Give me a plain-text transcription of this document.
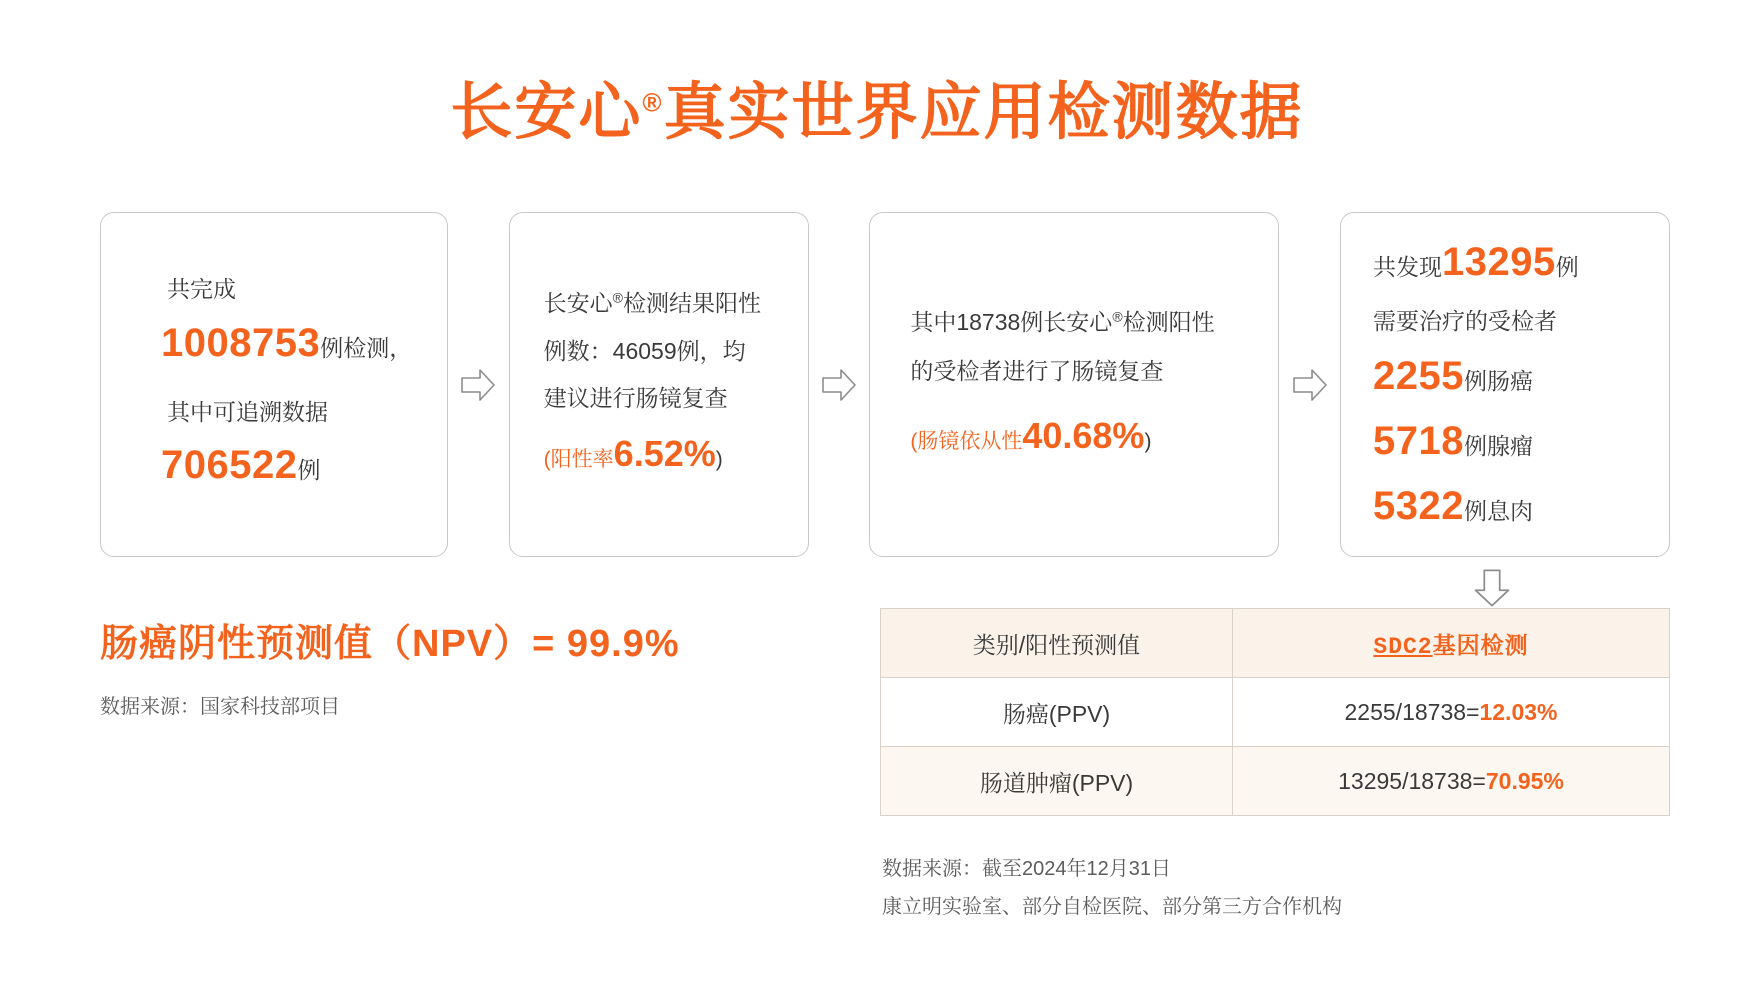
长安心®真实世界应用检测数据
共完成
1008753例检测，
其中可追溯数据
706522例
长安心®检测结果阳性
例数：46059例，均
建议进行肠镜复查
(阳性率6.52%)
其中18738例长安心®检测阳性
的受检者进行了肠镜复查
(肠镜依从性40.68%)
共发现13295例
需要治疗的受检者
2255例肠癌
5718例腺瘤
5322例息肉
肠癌阴性预测值（NPV）= 99.9%
数据来源：国家科技部项目
类别/阳性预测值	SDC2基因检测
肠癌(PPV)	2255/18738=12.03%
肠道肿瘤(PPV)	13295/18738=70.95%
数据来源：截至2024年12月31日
康立明实验室、部分自检医院、部分第三方合作机构
